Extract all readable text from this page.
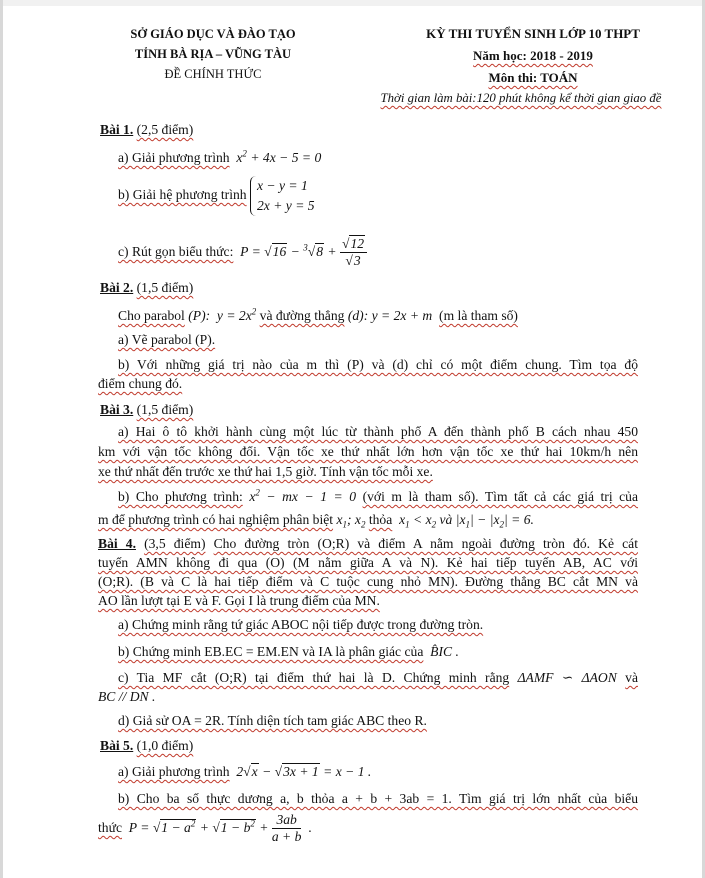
SỞ GIÁO DỤC VÀ ĐÀO TẠO
TỈNH BÀ RỊA – VŨNG TÀU
ĐỀ CHÍNH THỨC
KỲ THI TUYỂN SINH LỚP 10 THPT
Năm học: 2018 - 2019
Môn thi: TOÁN
Thời gian làm bài:120 phút không kể thời gian giao đề
Bài 1. (2,5 điểm)
a) Giải phương trình  $x^2 + 4x - 5 = 0$
b) Giải hệ phương trình x − y = 1
2x + y = 5
c) Rút gọn biểu thức:  $P = √16 - ^3√8 + \frac{√12}{√3}$
Bài 2. (1,5 điểm)
Cho parabol (P):  $y = 2x^2$ và đường thẳng (d): y = 2x + m (m là tham số)
a) Vẽ parabol (P).
b) Với những giá trị nào của m thì (P) và (d) chỉ có một điểm chung. Tìm tọa độ
điểm chung đó.
Bài 3. (1,5 điểm)
a) Hai ô tô khởi hành cùng một lúc từ thành phố A đến thành phố B cách nhau 450
km với vận tốc không đổi. Vận tốc xe thứ nhất lớn hơn vận tốc xe thứ hai 10km/h nên
xe thứ nhất đến trước xe thứ hai 1,5 giờ. Tính vận tốc mỗi xe.
b) Cho phương trình: $x^2$ − mx − 1 = 0 (với m là tham số). Tìm tất cả các giá trị của
m để phương trình có hai nghiệm phân biệt $x_1$; $x_2$ thỏa  $x_1 < x_2$ và $|x_1| - |x_2| = 6$.
Bài 4. (3,5 điểm) Cho đường tròn (O;R) và điểm A nằm ngoài đường tròn đó. Kẻ cát
tuyến AMN không đi qua (O) (M nằm giữa A và N). Kẻ hai tiếp tuyến AB, AC với
(O;R). (B và C là hai tiếp điểm và C tuộc cung nhỏ MN). Đường thẳng BC cắt MN và
AO lần lượt tại E và F. Gọi I là trung điểm của MN.
a) Chứng minh rằng tứ giác ABOC nội tiếp được trong đường tròn.
b) Chứng minh EB.EC = EM.EN và IA là phân giác của  B̂IC .
c) Tia MF cắt (O;R) tại điểm thứ hai là D. Chứng minh rằng ΔAMF ∽ ΔAON và
BC // DN .
d) Giả sử OA = 2R. Tính diện tích tam giác ABC theo R.
Bài 5. (1,0 điểm)
a) Giải phương trình  2√x − √3x + 1 = x − 1 .
b) Cho ba số thực dương a, b thỏa a + b + 3ab = 1. Tìm giá trị lớn nhất của biểu
thức  $P = √1 - a^2 + √1 - b^2 + \frac{3ab}{a + b}$ .
